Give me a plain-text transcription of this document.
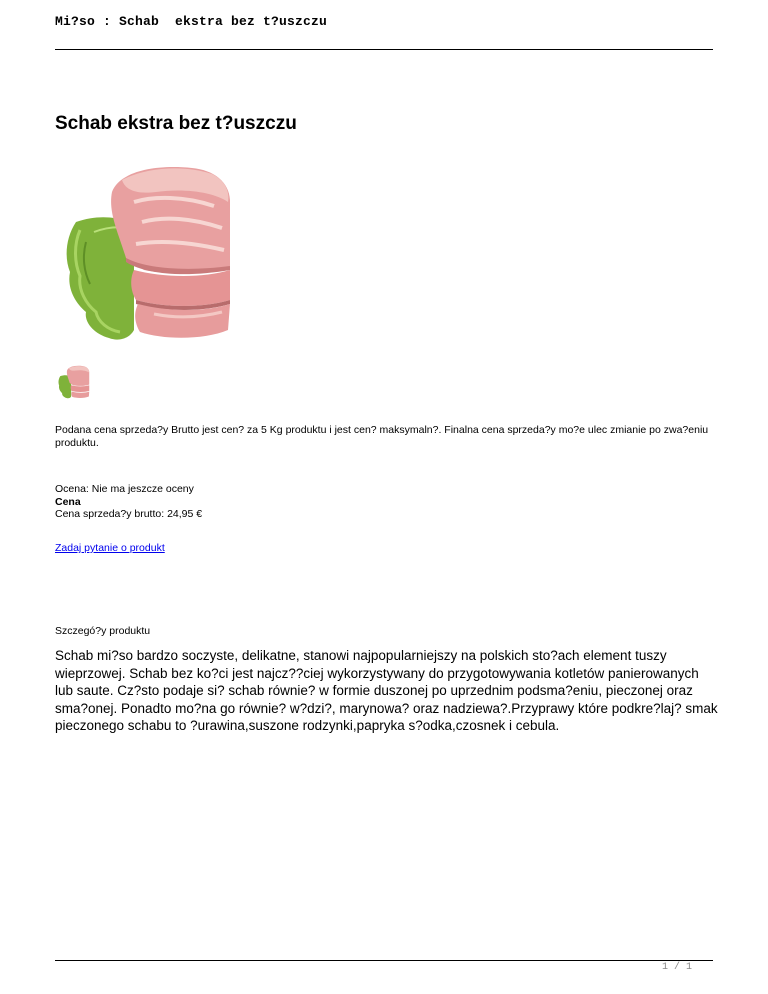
Mi?so : Schab  ekstra bez t?uszczu
Schab ekstra bez t?uszczu

Podana cena sprzeda?y Brutto jest cen? za 5 Kg produktu i jest cen? maksymaln?. Finalna cena sprzeda?y mo?e ulec zmianie po zwa?eniu produktu.

Ocena: Nie ma jeszcze oceny
Cena
Cena sprzeda?y brutto: 24,95 €
Zadaj pytanie o produkt
Szczegó?y produktu

Schab mi?so bardzo soczyste, delikatne, stanowi najpopularniejszy na polskich sto?ach element tuszy wieprzowej. Schab bez ko?ci jest najcz??ciej wykorzystywany do przygotowywania kotletów panierowanych lub saute. Cz?sto podaje si? schab równie? w formie duszonej po uprzednim podsma?eniu, pieczonej oraz sma?onej. Ponadto mo?na go równie? w?dzi?, marynowa? oraz nadziewa?.Przyprawy które podkre?laj? smak pieczonego schabu to ?urawina,suszone rodzynki,papryka s?odka,czosnek i cebula.

1 / 1
